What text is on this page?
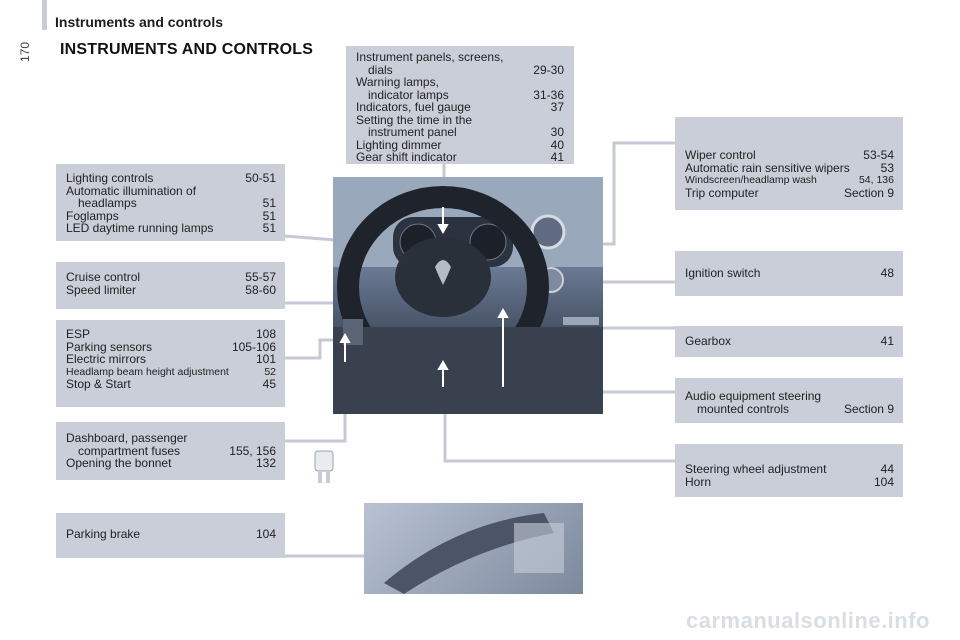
Instruments and controls
170 INSTRUMENTS AND CONTROLS	Instrument panels, screens,
dials	29-30
Warning lamps,
indicator lamps	31-36
Indicators, fuel gauge	37
Setting the time in the
instrument panel	30
Lighting dimmer	40
Gear shift indicator	41
Lighting controls	50-51
Automatic illumination of
headlamps	51
Foglamps	51
LED daytime running lamps	51
Cruise control	55-57
Speed limiter	58-60
ESP	108
Parking sensors	105-106
Electric mirrors	101
Headlamp beam height adjustment	52
Stop & Start	45
Dashboard, passenger
compartment fuses	155, 156
Opening the bonnet	132
Parking brake	104
Wiper control	53-54
Automatic rain sensitive wipers	53
Windscreen/headlamp wash	54, 136
Trip computer	Section 9
Ignition switch	48
Gearbox	41
Audio equipment steering
mounted controls	Section 9
Steering wheel adjustment	44
Horn	104
carmanualsonline.info
